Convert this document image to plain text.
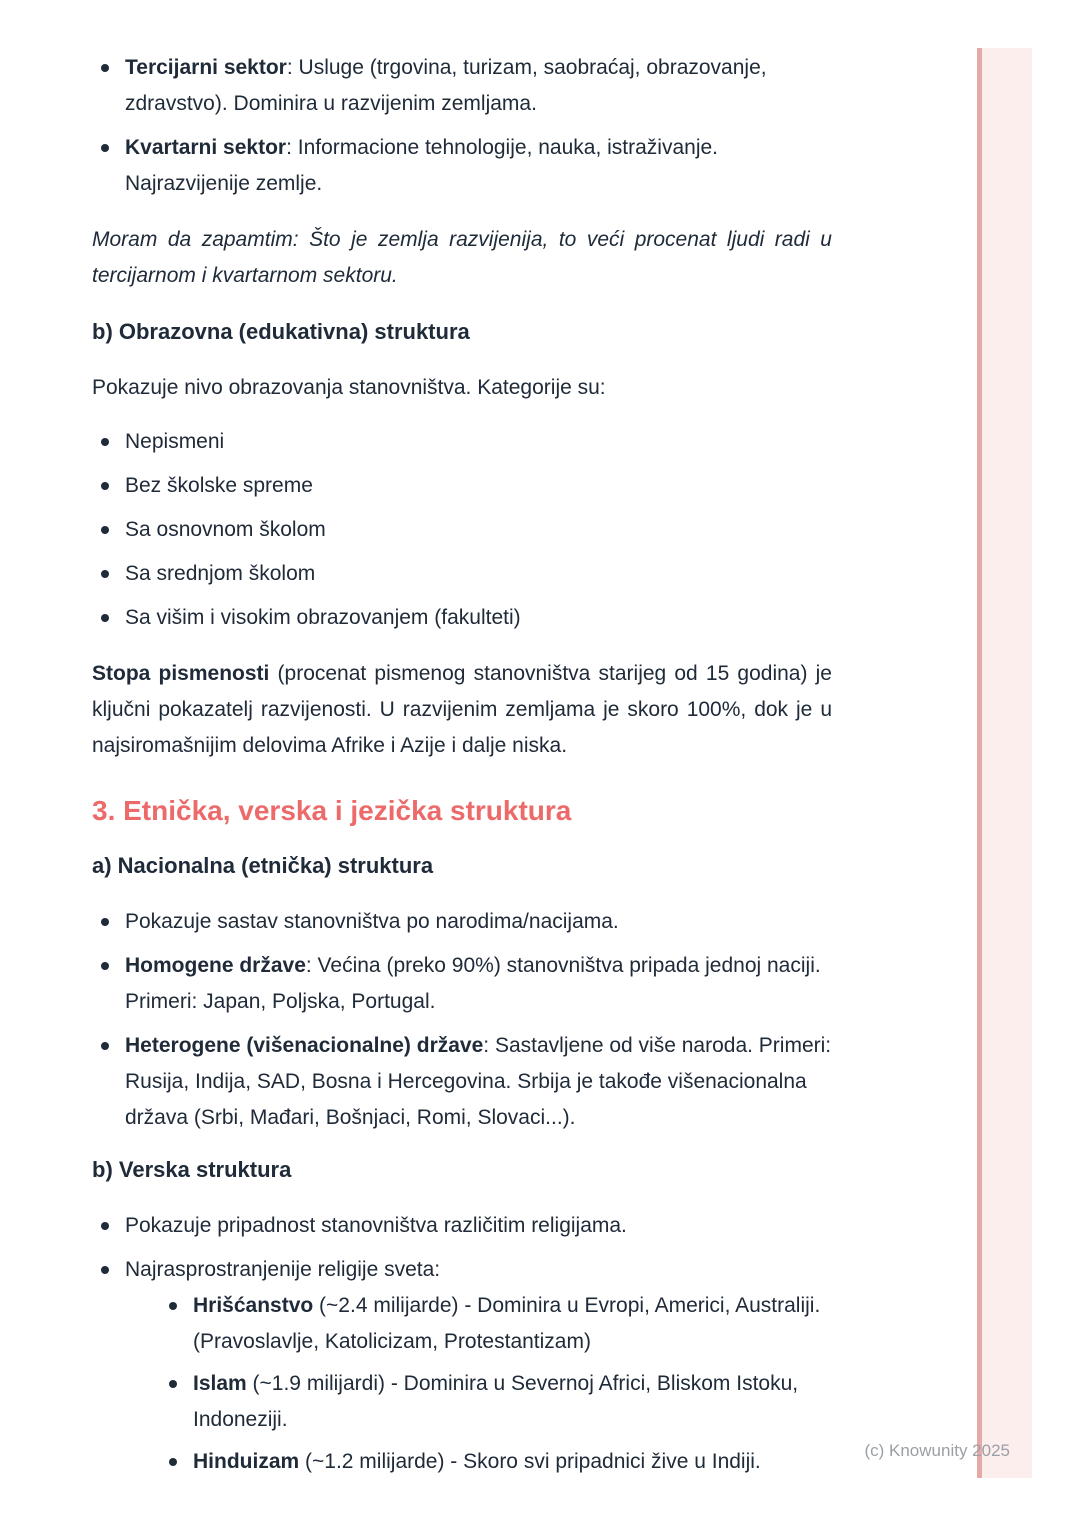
Tercijarni sektor: Usluge (trgovina, turizam, saobraćaj, obrazovanje, zdravstvo). Dominira u razvijenim zemljama.
Kvartarni sektor: Informacione tehnologije, nauka, istraživanje. Najrazvijenije zemlje.

Moram da zapamtim: Što je zemlja razvijenija, to veći procenat ljudi radi u tercijarnom i kvartarnom sektoru.

b) Obrazovna (edukativna) struktura

Pokazuje nivo obrazovanja stanovništva. Kategorije su:

Nepismeni
Bez školske spreme
Sa osnovnom školom
Sa srednjom školom
Sa višim i visokim obrazovanjem (fakulteti)

Stopa pismenosti (procenat pismenog stanovništva starijeg od 15 godina) je ključni pokazatelj razvijenosti. U razvijenim zemljama je skoro 100%, dok je u najsiromašnijim delovima Afrike i Azije i dalje niska.

3. Etnička, verska i jezička struktura
a) Nacionalna (etnička) struktura
Pokazuje sastav stanovništva po narodima/nacijama.
Homogene države: Većina (preko 90%) stanovništva pripada jednoj naciji. Primeri: Japan, Poljska, Portugal.
Heterogene (višenacionalne) države: Sastavljene od više naroda. Primeri: Rusija, Indija, SAD, Bosna i Hercegovina. Srbija je takođe višenacionalna država (Srbi, Mađari, Bošnjaci, Romi, Slovaci...).
b) Verska struktura
Pokazuje pripadnost stanovništva različitim religijama.
Najrasprostranjenije religije sveta:
Hrišćanstvo (~2.4 milijarde) - Dominira u Evropi, Americi, Australiji. (Pravoslavlje, Katolicizam, Protestantizam)
Islam (~1.9 milijardi) - Dominira u Severnoj Africi, Bliskom Istoku, Indoneziji.
Hinduizam (~1.2 milijarde) - Skoro svi pripadnici žive u Indiji.	(c) Knowunity 2025
